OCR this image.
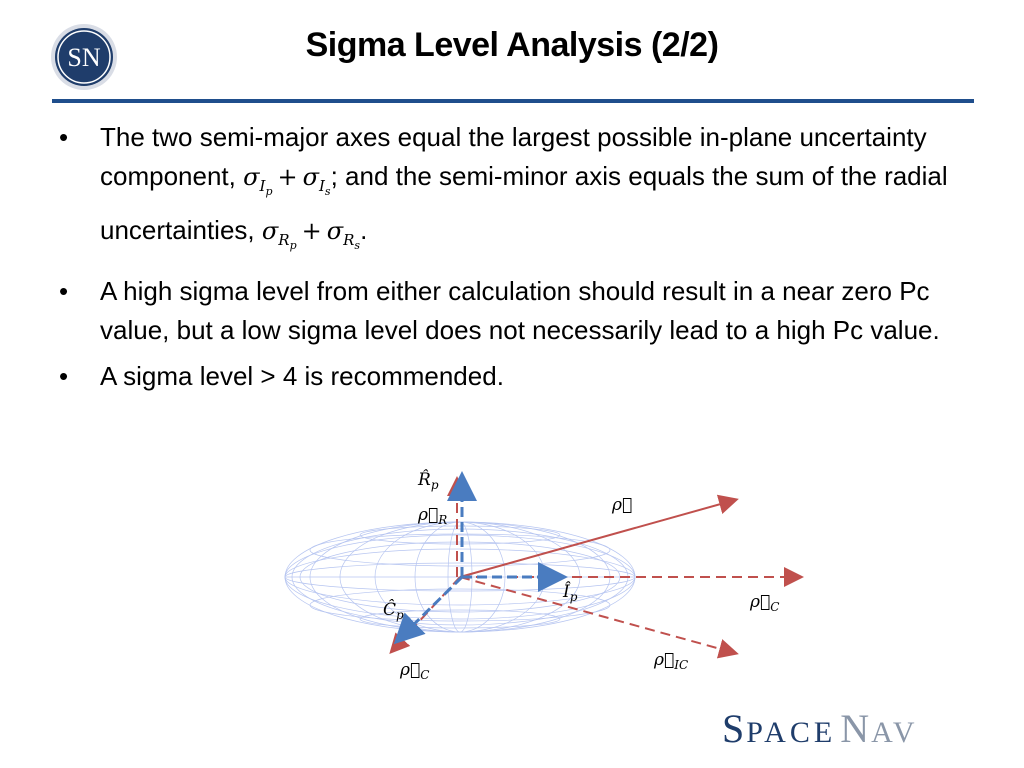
SN	Sigma Level Analysis (2/2)
• The two semi-major axes equal the largest possible in-plane uncertainty component, $\sigma_{I_p}+ \sigma_{I_s}$; and the semi-minor axis equals the sum of the radial uncertainties, $\sigma_{R_p}+ \sigma_{R_s}$.
• A high sigma level from either calculation should result in a near zero Pc value, but a low sigma level does not necessarily lead to a high Pc value.
• A sigma level > 4 is recommended.
$R̂_p$
$\rho⃗_R$
ρ⃗
$Î_p$	$\rho⃗_C$
$Ĉ_p$
$\rho⃗_C$
$\rho⃗_{IC}$
SPACE NAV
